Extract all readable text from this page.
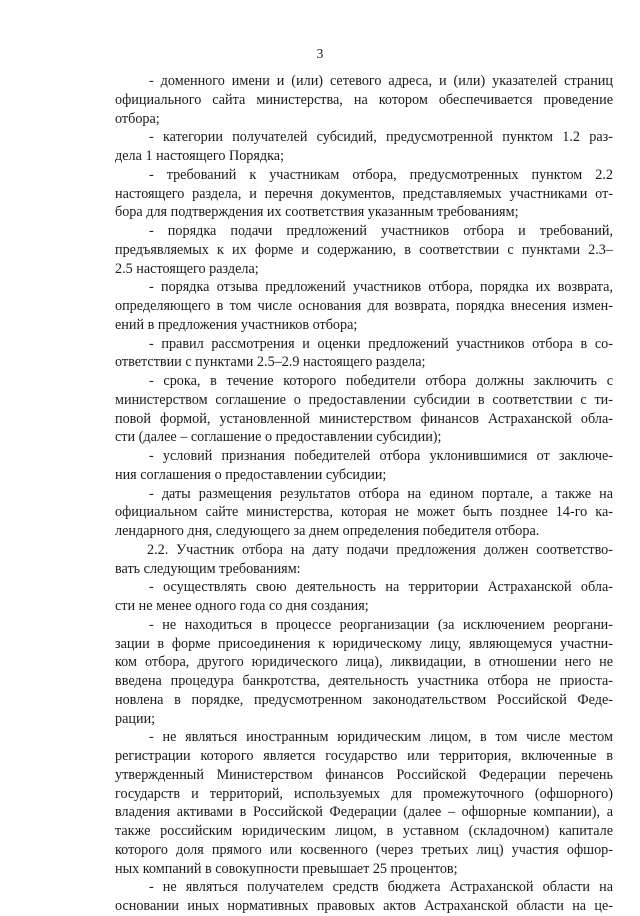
3
- доменного имени и (или) сетевого адреса, и (или) указателей страниц
официального сайта министерства, на котором обеспечивается проведение
отбора;
- категории получателей субсидий, предусмотренной пунктом 1.2 раз-
дела 1 настоящего Порядка;
- требований к участникам отбора, предусмотренных пунктом 2.2
настоящего раздела, и перечня документов, представляемых участниками от-
бора для подтверждения их соответствия указанным требованиям;
- порядка подачи предложений участников отбора и требований,
предъявляемых к их форме и содержанию, в соответствии с пунктами 2.3–
2.5 настоящего раздела;
- порядка отзыва предложений участников отбора, порядка их возврата,
определяющего в том числе основания для возврата, порядка внесения измен-
ений в предложения участников отбора;
- правил рассмотрения и оценки предложений участников отбора в со-
ответствии с пунктами 2.5–2.9 настоящего раздела;
- срока, в течение которого победители отбора должны заключить с
министерством соглашение о предоставлении субсидии в соответствии с ти-
повой формой, установленной министерством финансов Астраханской обла-
сти (далее – соглашение о предоставлении субсидии);
- условий признания победителей отбора уклонившимися от заключе-
ния соглашения о предоставлении субсидии;
- даты размещения результатов отбора на едином портале, а также на
официальном сайте министерства, которая не может быть позднее 14-го ка-
лендарного дня, следующего за днем определения победителя отбора.
2.2. Участник отбора на дату подачи предложения должен соответство-
вать следующим требованиям:
- осуществлять свою деятельность на территории Астраханской обла-
сти не менее одного года со дня создания;
- не находиться в процессе реорганизации (за исключением реоргани-
зации в форме присоединения к юридическому лицу, являющемуся участни-
ком отбора, другого юридического лица), ликвидации, в отношении него не
введена процедура банкротства, деятельность участника отбора не приоста-
новлена в порядке, предусмотренном законодательством Российской Феде-
рации;
- не являться иностранным юридическим лицом, в том числе местом
регистрации которого является государство или территория, включенные в
утвержденный Министерством финансов Российской Федерации перечень
государств и территорий, используемых для промежуточного (офшорного)
владения активами в Российской Федерации (далее – офшорные компании), а
также российским юридическим лицом, в уставном (складочном) капитале
которого доля прямого или косвенного (через третьих лиц) участия офшор-
ных компаний в совокупности превышает 25 процентов;
- не являться получателем средств бюджета Астраханской области на
основании иных нормативных правовых актов Астраханской области на це-
